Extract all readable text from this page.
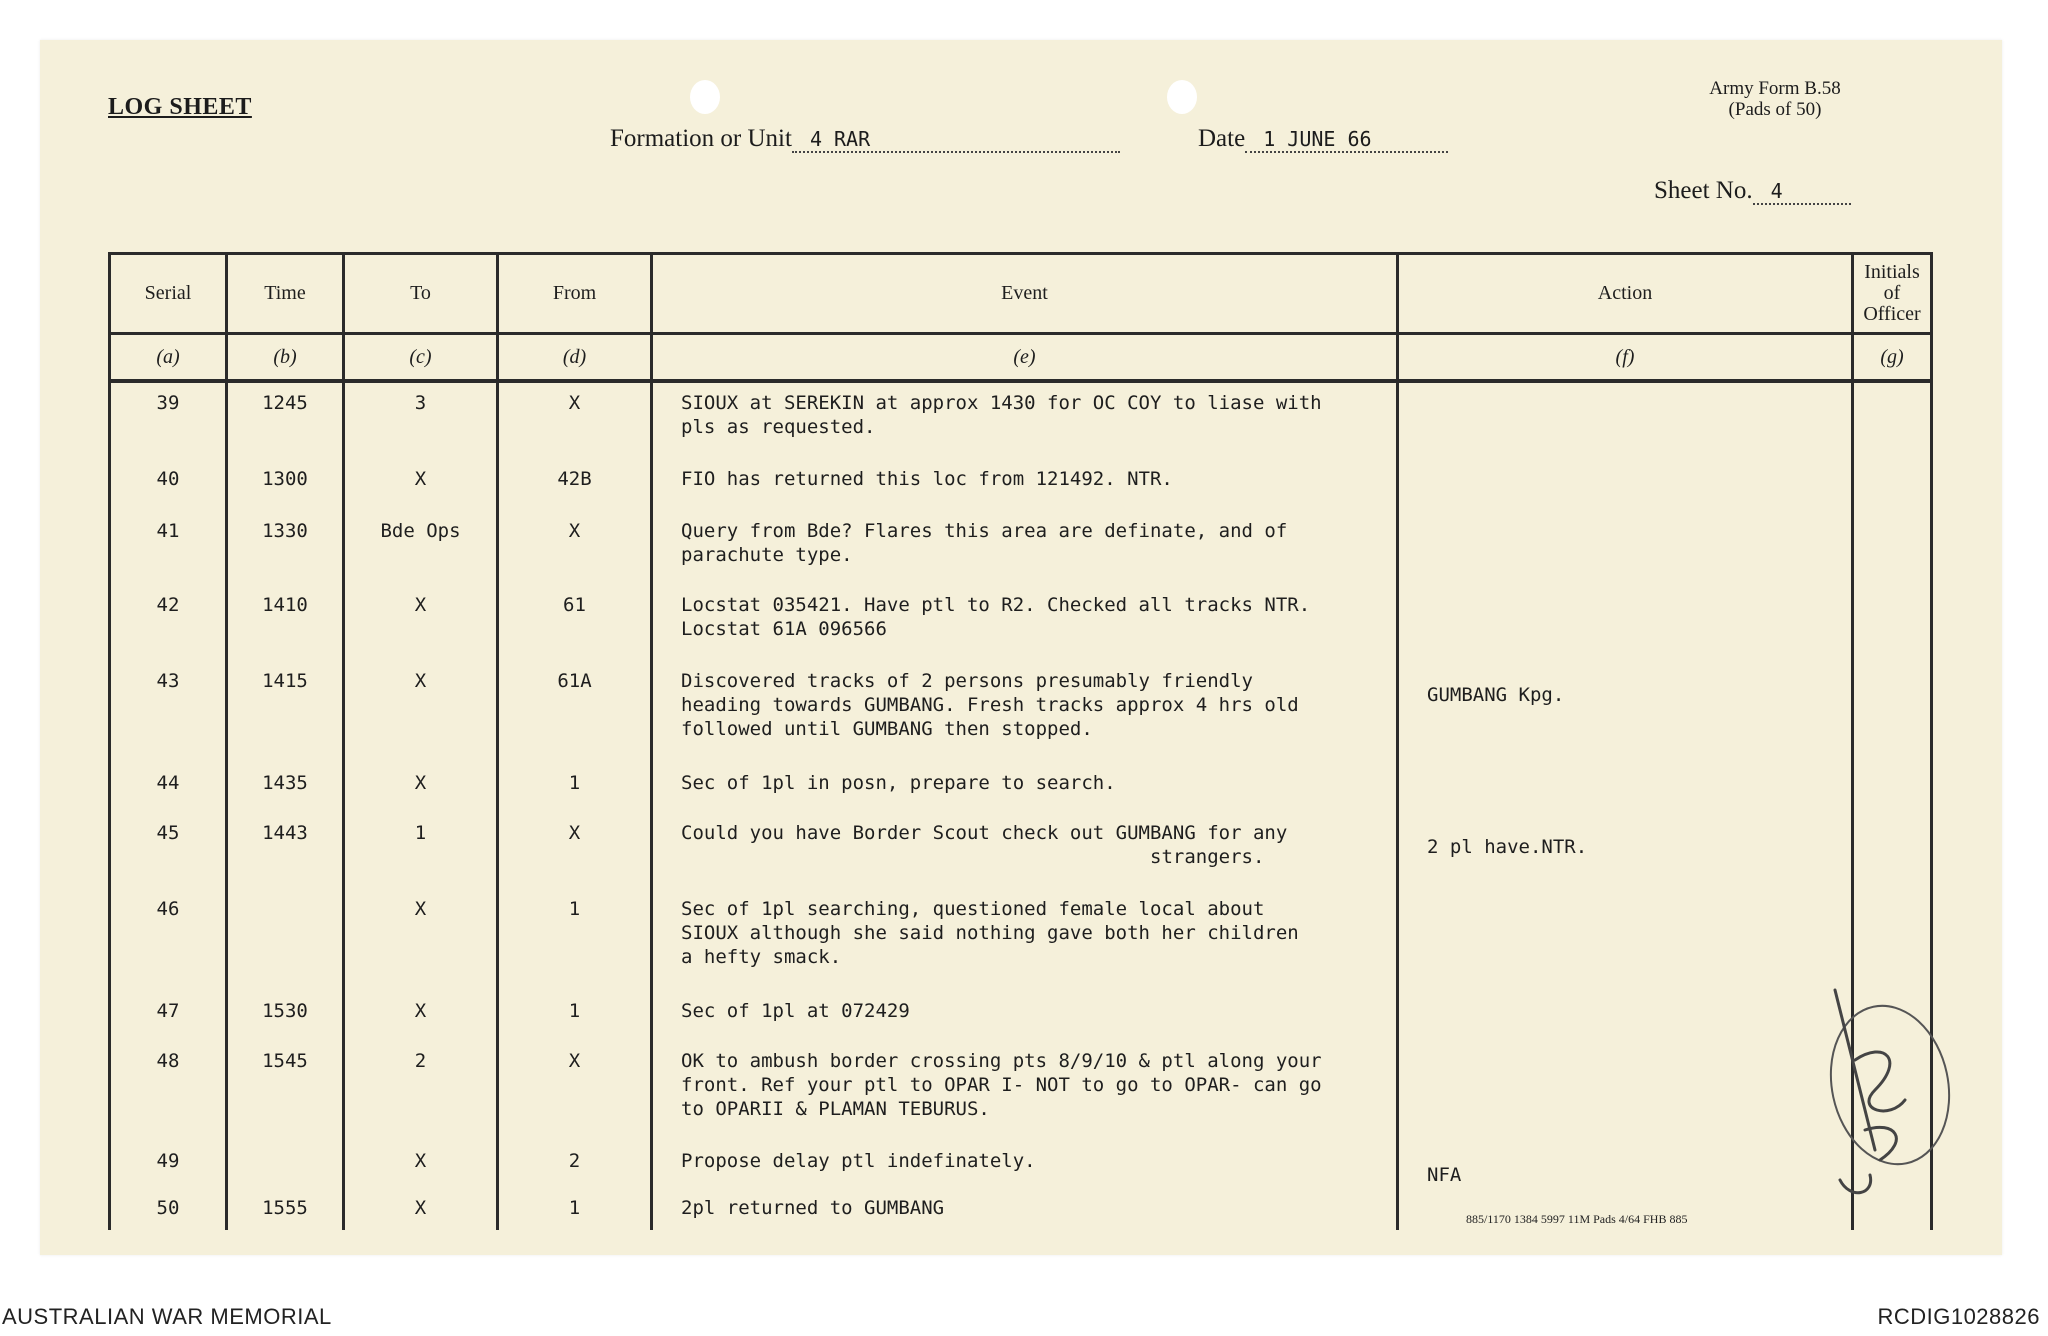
LOG SHEET
Formation or Unit 4 RAR	Date 1 JUNE 66
Army Form B.58
(Pads of 50)
Sheet No. 4
Serial	Time	To	From	Event	Action	Initials
of
Officer

(a)	(b)	(c)	(d)	(e)	(f)	(g)
39	1245	3	X	SIOUX at SEREKIN at approx 1430 for OC COY to liase with
pls as requested.		
40	1300	X	42B	FIO has returned this loc from 121492. NTR.		
41	1330	Bde Ops	X	Query from Bde? Flares this area are definate, and of
parachute type.		
42	1410	X	61	Locstat 035421. Have ptl to R2. Checked all tracks NTR.
Locstat 61A 096566		
43	1415	X	61A	Discovered tracks of 2 persons presumably friendly
heading towards GUMBANG. Fresh tracks approx 4 hrs old
followed until GUMBANG then stopped.	GUMBANG Kpg.	
44	1435	X	1	Sec of 1pl in posn, prepare to search.		
45	1443	1	X	Could you have Border Scout check out GUMBANG for any
strangers.	2 pl have.NTR.	
46		X	1	Sec of 1pl searching, questioned female local about
SIOUX although she said nothing gave both her children
a hefty smack.		
47	1530	X	1	Sec of 1pl at 072429		
48	1545	2	X	OK to ambush border crossing pts 8/9/10 & ptl along your
front. Ref your ptl to OPAR I- NOT to go to OPAR- can go
to OPARII & PLAMAN TEBURUS.		
49		X	2	Propose delay ptl indefinately.	NFA	
50	1555	X	1	2pl returned to GUMBANG			885/1170 1384 5997 11M Pads 4/64 FHB 885
AUSTRALIAN WAR MEMORIAL	RCDIG1028826
